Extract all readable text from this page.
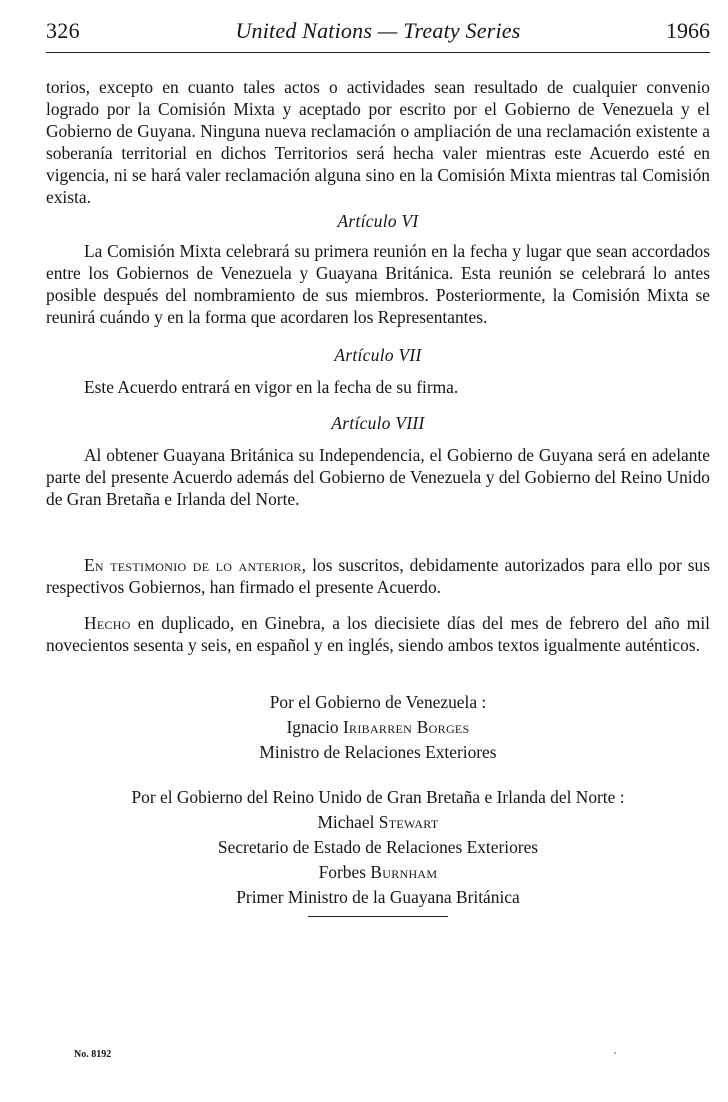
326	United Nations — Treaty Series	1966

torios, excepto en cuanto tales actos o actividades sean resultado de cualquier convenio logrado por la Comisión Mixta y aceptado por escrito por el Gobierno de Venezuela y el Gobierno de Guyana. Ninguna nueva reclamación o ampliación de una reclamación existente a soberanía territorial en dichos Territorios será hecha valer mientras este Acuerdo esté en vigencia, ni se hará valer reclamación alguna sino en la Comisión Mixta mientras tal Comisión exista.

Artículo VI

La Comisión Mixta celebrará su primera reunión en la fecha y lugar que sean accordados entre los Gobiernos de Venezuela y Guayana Británica. Esta reunión se celebrará lo antes posible después del nombramiento de sus miembros. Posteriormente, la Comisión Mixta se reunirá cuándo y en la forma que acordaren los Representantes.

Artículo VII

Este Acuerdo entrará en vigor en la fecha de su firma.

Artículo VIII

Al obtener Guayana Británica su Independencia, el Gobierno de Guyana será en adelante parte del presente Acuerdo además del Gobierno de Venezuela y del Gobierno del Reino Unido de Gran Bretaña e Irlanda del Norte.

En testimonio de lo anterior, los suscritos, debidamente autorizados para ello por sus respectivos Gobiernos, han firmado el presente Acuerdo.

Hecho en duplicado, en Ginebra, a los diecisiete días del mes de febrero del año mil novecientos sesenta y seis, en español y en inglés, siendo ambos textos igualmente auténticos.

Por el Gobierno de Venezuela :
Ignacio Iribarren Borges
Ministro de Relaciones Exteriores
Por el Gobierno del Reino Unido de Gran Bretaña e Irlanda del Norte :
Michael Stewart
Secretario de Estado de Relaciones Exteriores
Forbes Burnham
Primer Ministro de la Guayana Británica
No. 8192
